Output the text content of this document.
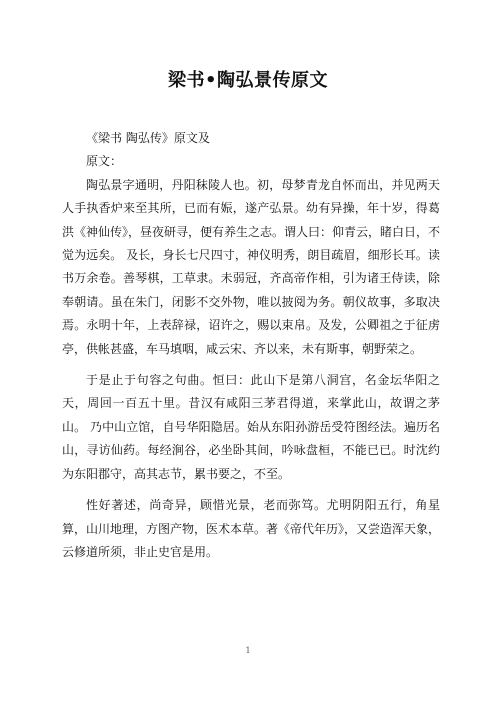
梁书•陶弘景传原文

《梁书 陶弘传》原文及

原文：

陶弘景字通明，丹阳秣陵人也。初，母梦青龙自怀而出，并见两天人手执香炉来至其所，已而有娠，遂产弘景。幼有异操，年十岁，得葛洪《神仙传》，昼夜研寻，便有养生之志。谓人曰：仰青云，睹白日，不觉为远矣。 及长，身长七尺四寸，神仪明秀，朗目疏眉，细形长耳。读书万余卷。善琴棋，工草隶。未弱冠，齐高帝作相，引为诸王侍读，除奉朝请。虽在朱门，闭影不交外物，唯以披阅为务。朝仪故事，多取决焉。永明十年，上表辞禄，诏许之，赐以束帛。及发，公卿祖之于征虏亭，供帐甚盛，车马填咽，咸云宋、齐以来，未有斯事，朝野荣之。

于是止于句容之句曲。恒曰：此山下是第八洞宫，名金坛华阳之天，周回一百五十里。昔汉有咸阳三茅君得道，来掌此山，故谓之茅山。 乃中山立馆，自号华阳隐居。始从东阳孙游岳受符图经法。遍历名山，寻访仙药。每经涧谷，必坐卧其间，吟咏盘桓，不能已已。时沈约为东阳郡守，高其志节，累书要之，不至。

性好著述，尚奇异，顾惜光景，老而弥笃。尤明阴阳五行，角星算，山川地理，方图产物，医术本草。著《帝代年历》，又尝造浑天象，云修道所须，非止史官是用。

1
